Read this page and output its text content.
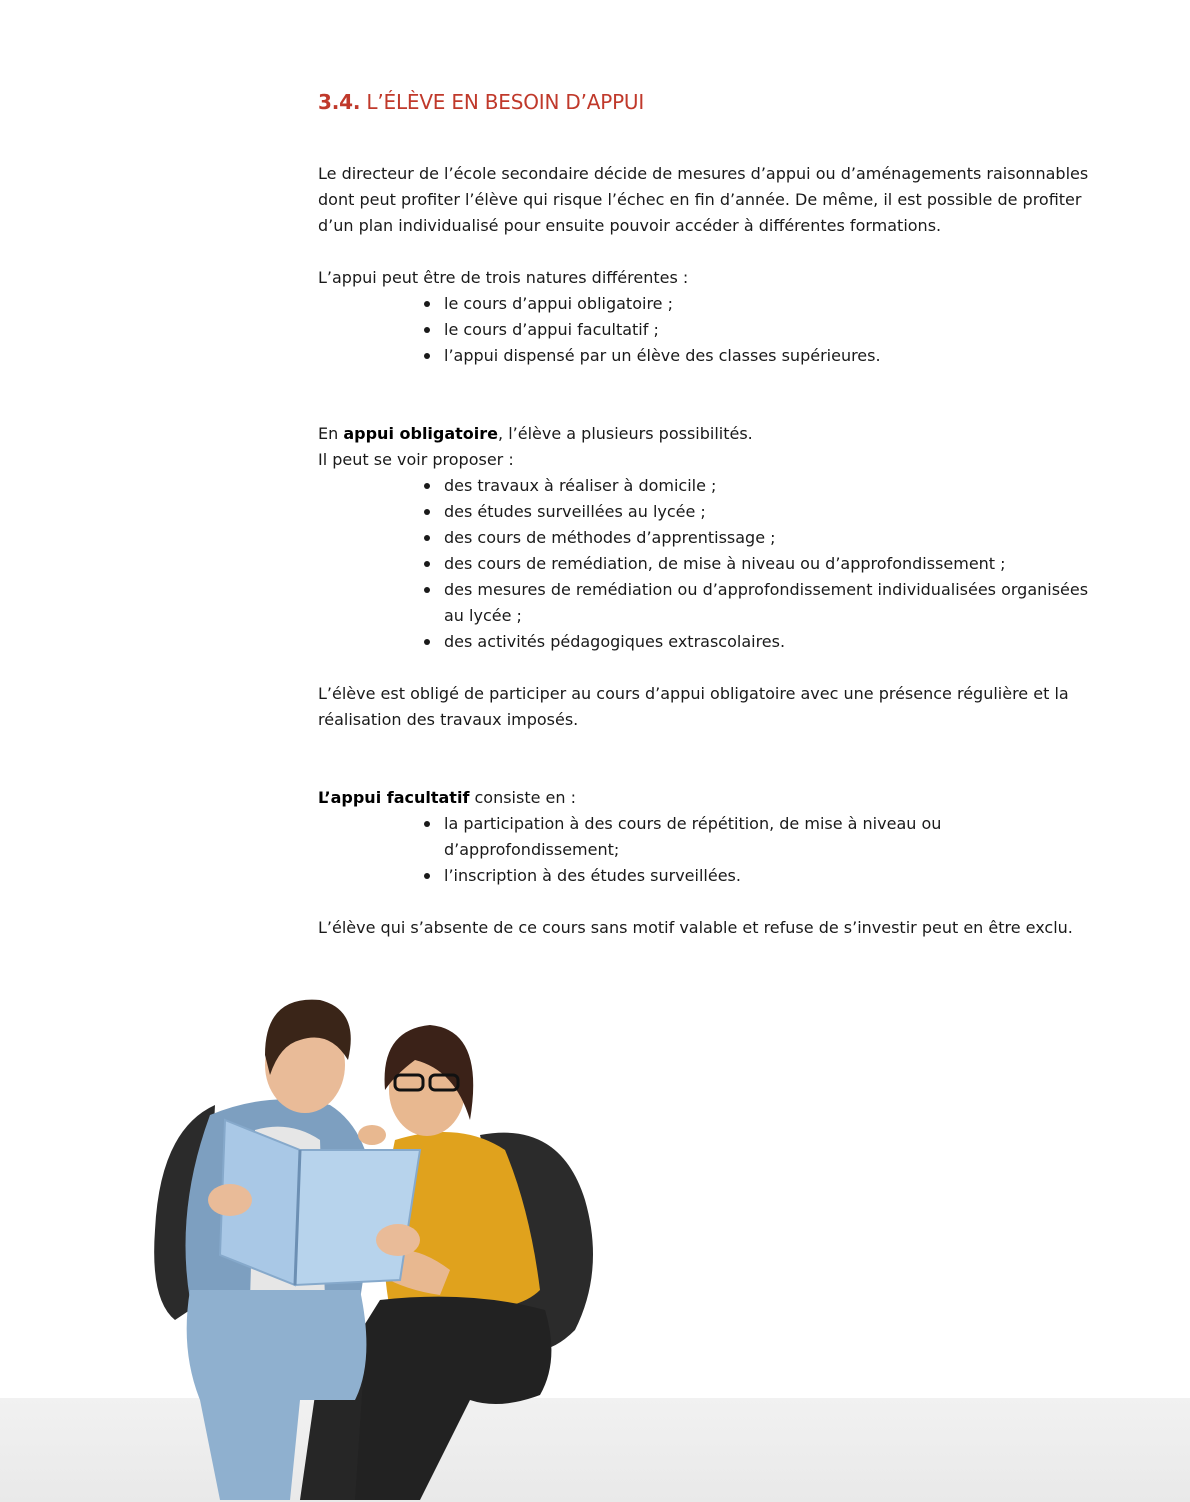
3.4. L’ÉLÈVE EN BESOIN D’APPUI

Le directeur de l’école secondaire décide de mesures d’appui ou d’aménagements raisonnables

dont peut profiter l’élève qui risque l’échec en fin d’année. De même, il est possible de profiter

d’un plan individualisé pour ensuite pouvoir accéder à différentes formations.

L’appui peut être de trois natures différentes :

le cours d’appui obligatoire ;
le cours d’appui facultatif ;
l’appui dispensé par un élève des classes supérieures.

En appui obligatoire, l’élève a plusieurs possibilités.

Il peut se voir proposer :

des travaux à réaliser à domicile ;
des études surveillées au lycée ;
des cours de méthodes d’apprentissage ;
des cours de remédiation, de mise à niveau ou d’approfondissement ;
des mesures de remédiation ou d’approfondissement individualisées organisées au lycée ;
des activités pédagogiques extrascolaires.

L’élève est obligé de participer au cours d’appui obligatoire avec une présence régulière et la

réalisation des travaux imposés.

L’appui facultatif consiste en :

la participation à des cours de répétition, de mise à niveau ou d’approfondissement;
l’inscription à des études surveillées.

L’élève qui s’absente de ce cours sans motif valable et refuse de s’investir peut en être exclu.
